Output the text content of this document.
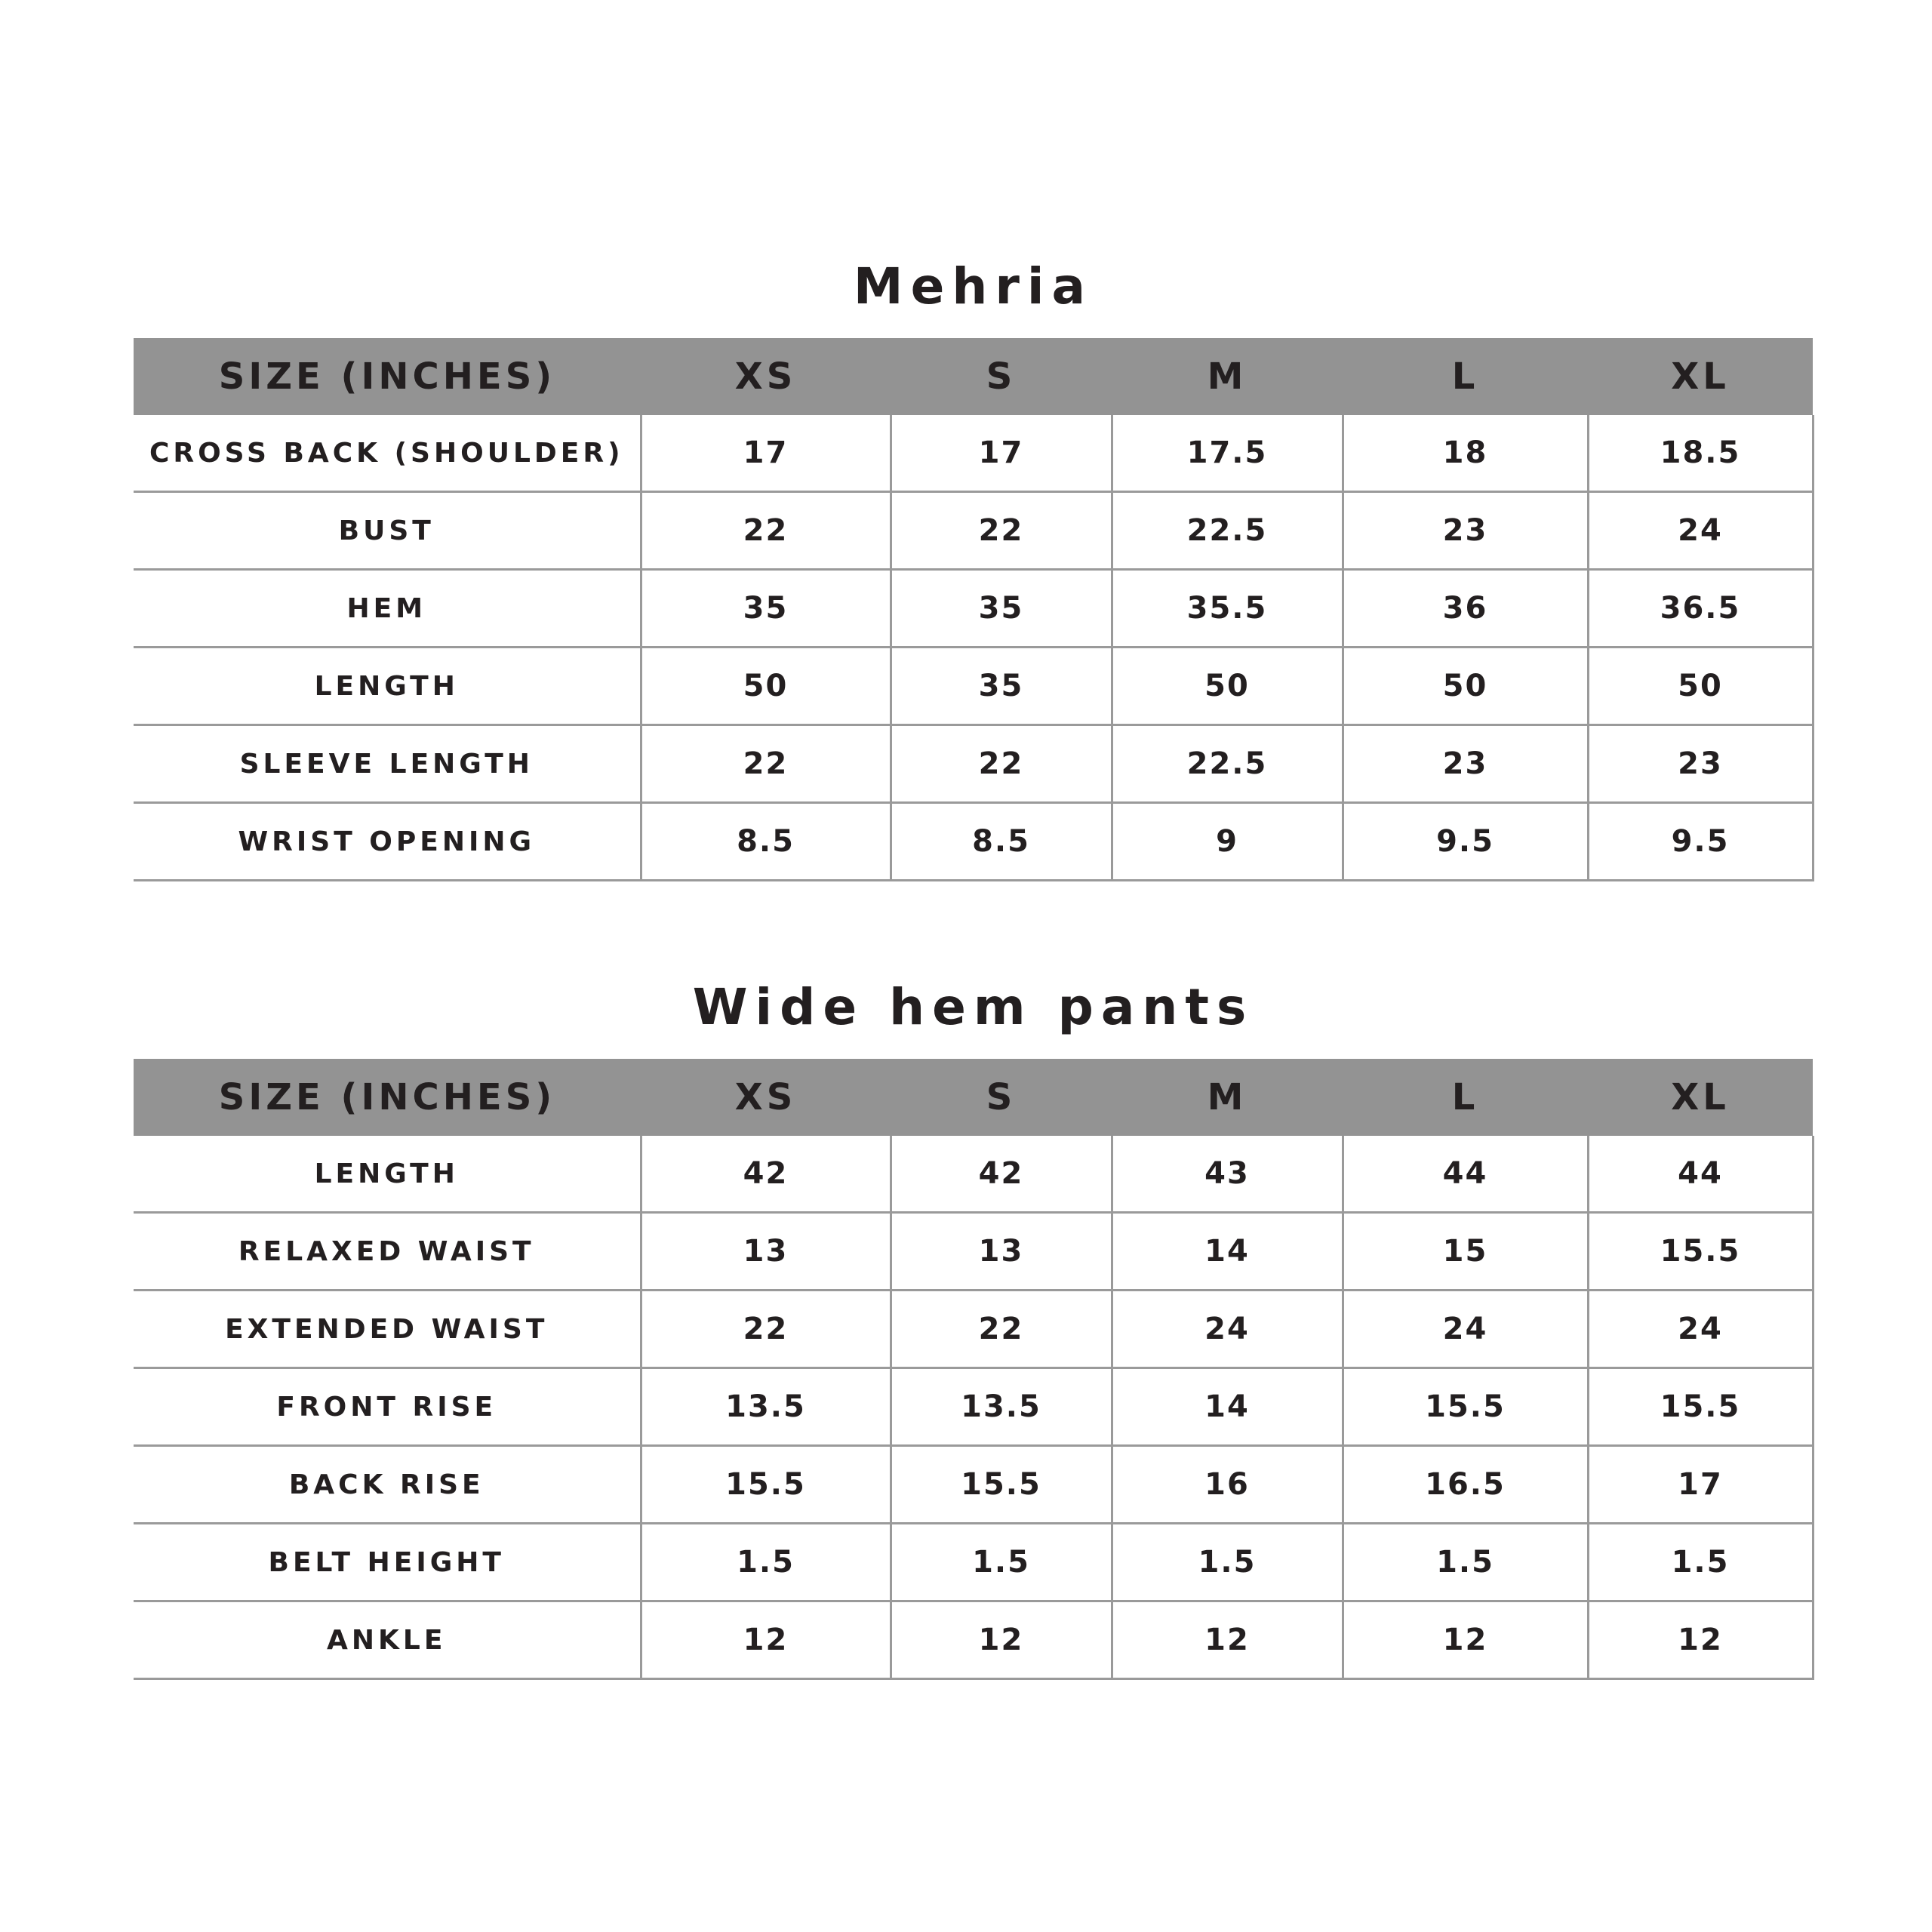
Mehria
SIZE (INCHES)	XS	S	M	L	XL
CROSS BACK (SHOULDER)	17	17	17.5	18	18.5
BUST	22	22	22.5	23	24
HEM	35	35	35.5	36	36.5
LENGTH	50	35	50	50	50
SLEEVE LENGTH	22	22	22.5	23	23
WRIST OPENING	8.5	8.5	9	9.5	9.5
Wide hem pants
SIZE (INCHES)	XS	S	M	L	XL
LENGTH	42	42	43	44	44
RELAXED WAIST	13	13	14	15	15.5
EXTENDED WAIST	22	22	24	24	24
FRONT RISE	13.5	13.5	14	15.5	15.5
BACK RISE	15.5	15.5	16	16.5	17
BELT HEIGHT	1.5	1.5	1.5	1.5	1.5
ANKLE	12	12	12	12	12
